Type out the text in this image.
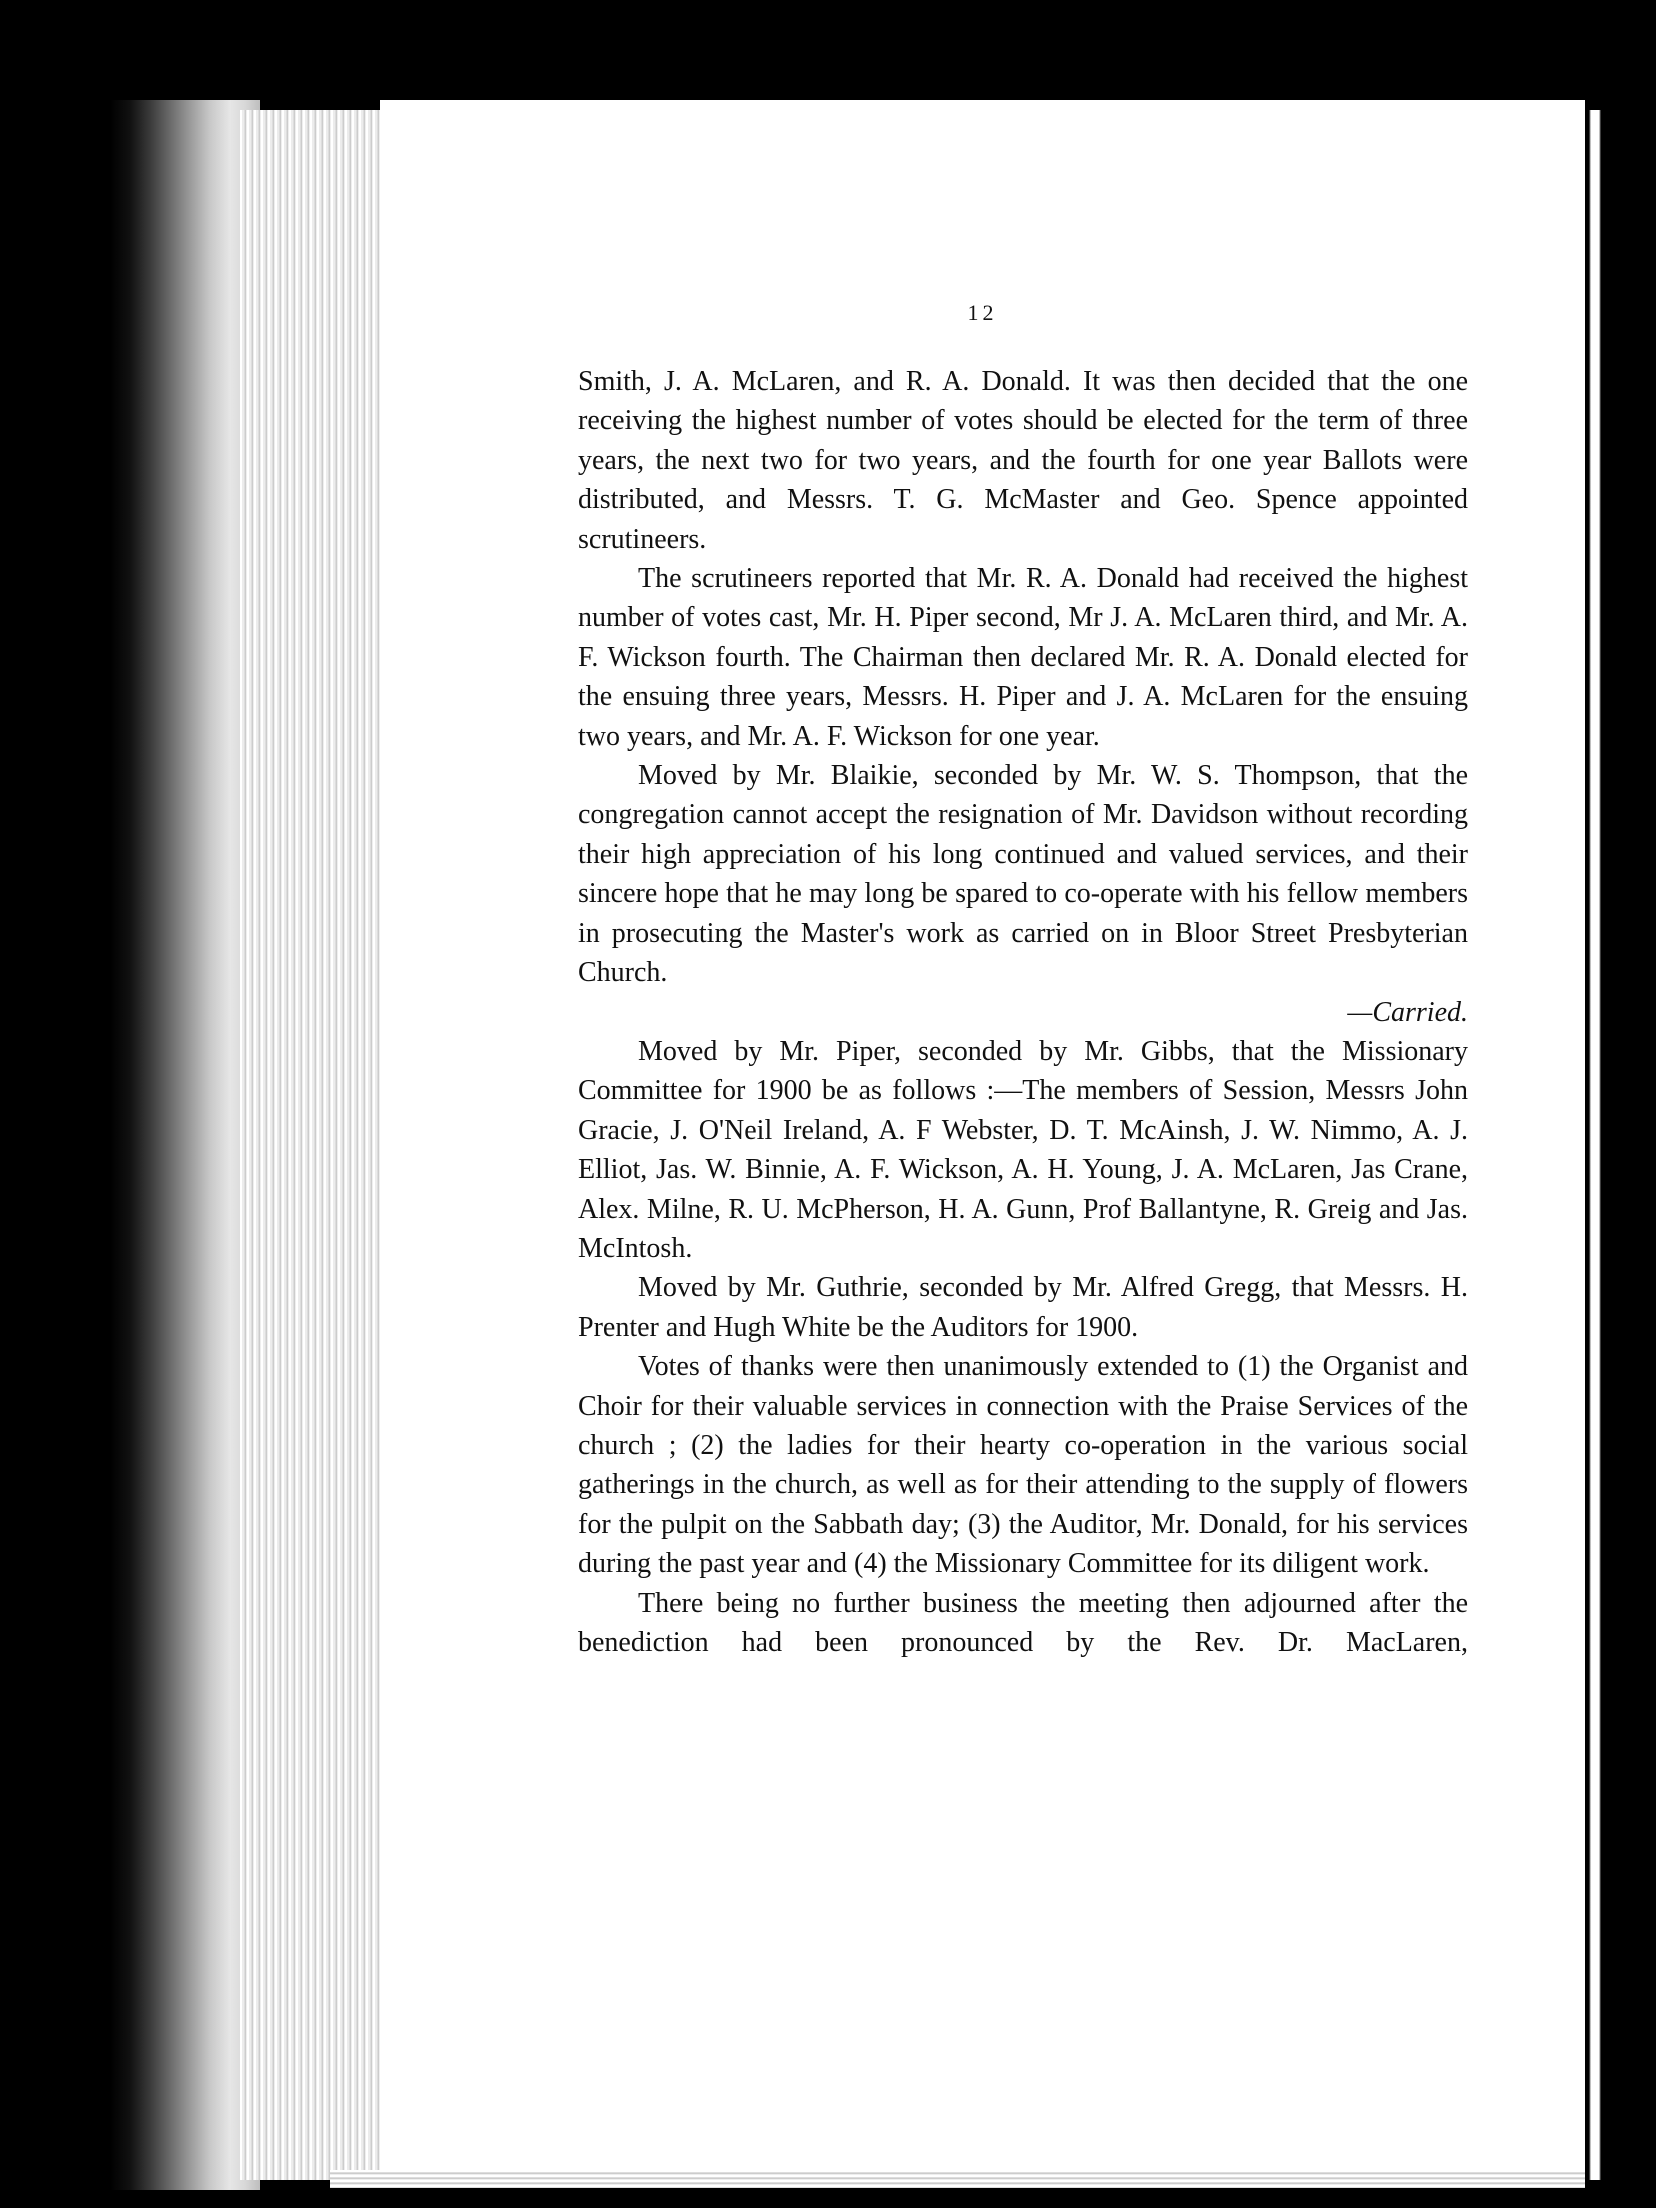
12

Smith, J. A. McLaren, and R. A. Donald. It was then decided that the one receiving the highest number of votes should be elected for the term of three years, the next two for two years, and the fourth for one year Ballots were distributed, and Messrs. T. G. McMaster and Geo. Spence appointed scrutineers.

The scrutineers reported that Mr. R. A. Donald had received the highest number of votes cast, Mr. H. Piper second, Mr J. A. McLaren third, and Mr. A. F. Wickson fourth. The Chairman then declared Mr. R. A. Donald elected for the ensuing three years, Messrs. H. Piper and J. A. McLaren for the ensuing two years, and Mr. A. F. Wickson for one year.

Moved by Mr. Blaikie, seconded by Mr. W. S. Thompson, that the congregation cannot accept the resignation of Mr. Davidson without recording their high appreciation of his long continued and valued services, and their sincere hope that he may long be spared to co-operate with his fellow members in prosecuting the Master's work as carried on in Bloor Street Presbyterian Church.

—Carried.

Moved by Mr. Piper, seconded by Mr. Gibbs, that the Missionary Committee for 1900 be as follows :—The members of Session, Messrs John Gracie, J. O'Neil Ireland, A. F Webster, D. T. McAinsh, J. W. Nimmo, A. J. Elliot, Jas. W. Binnie, A. F. Wickson, A. H. Young, J. A. McLaren, Jas Crane, Alex. Milne, R. U. McPherson, H. A. Gunn, Prof Ballantyne, R. Greig and Jas. McIntosh.

Moved by Mr. Guthrie, seconded by Mr. Alfred Gregg, that Messrs. H. Prenter and Hugh White be the Auditors for 1900.

Votes of thanks were then unanimously extended to (1) the Organist and Choir for their valuable services in connection with the Praise Services of the church ; (2) the ladies for their hearty co-operation in the various social gatherings in the church, as well as for their attending to the supply of flowers for the pulpit on the Sabbath day; (3) the Auditor, Mr. Donald, for his services during the past year and (4) the Missionary Committee for its diligent work.

There being no further business the meeting then adjourned after the benediction had been pronounced by the Rev. Dr. MacLaren,
